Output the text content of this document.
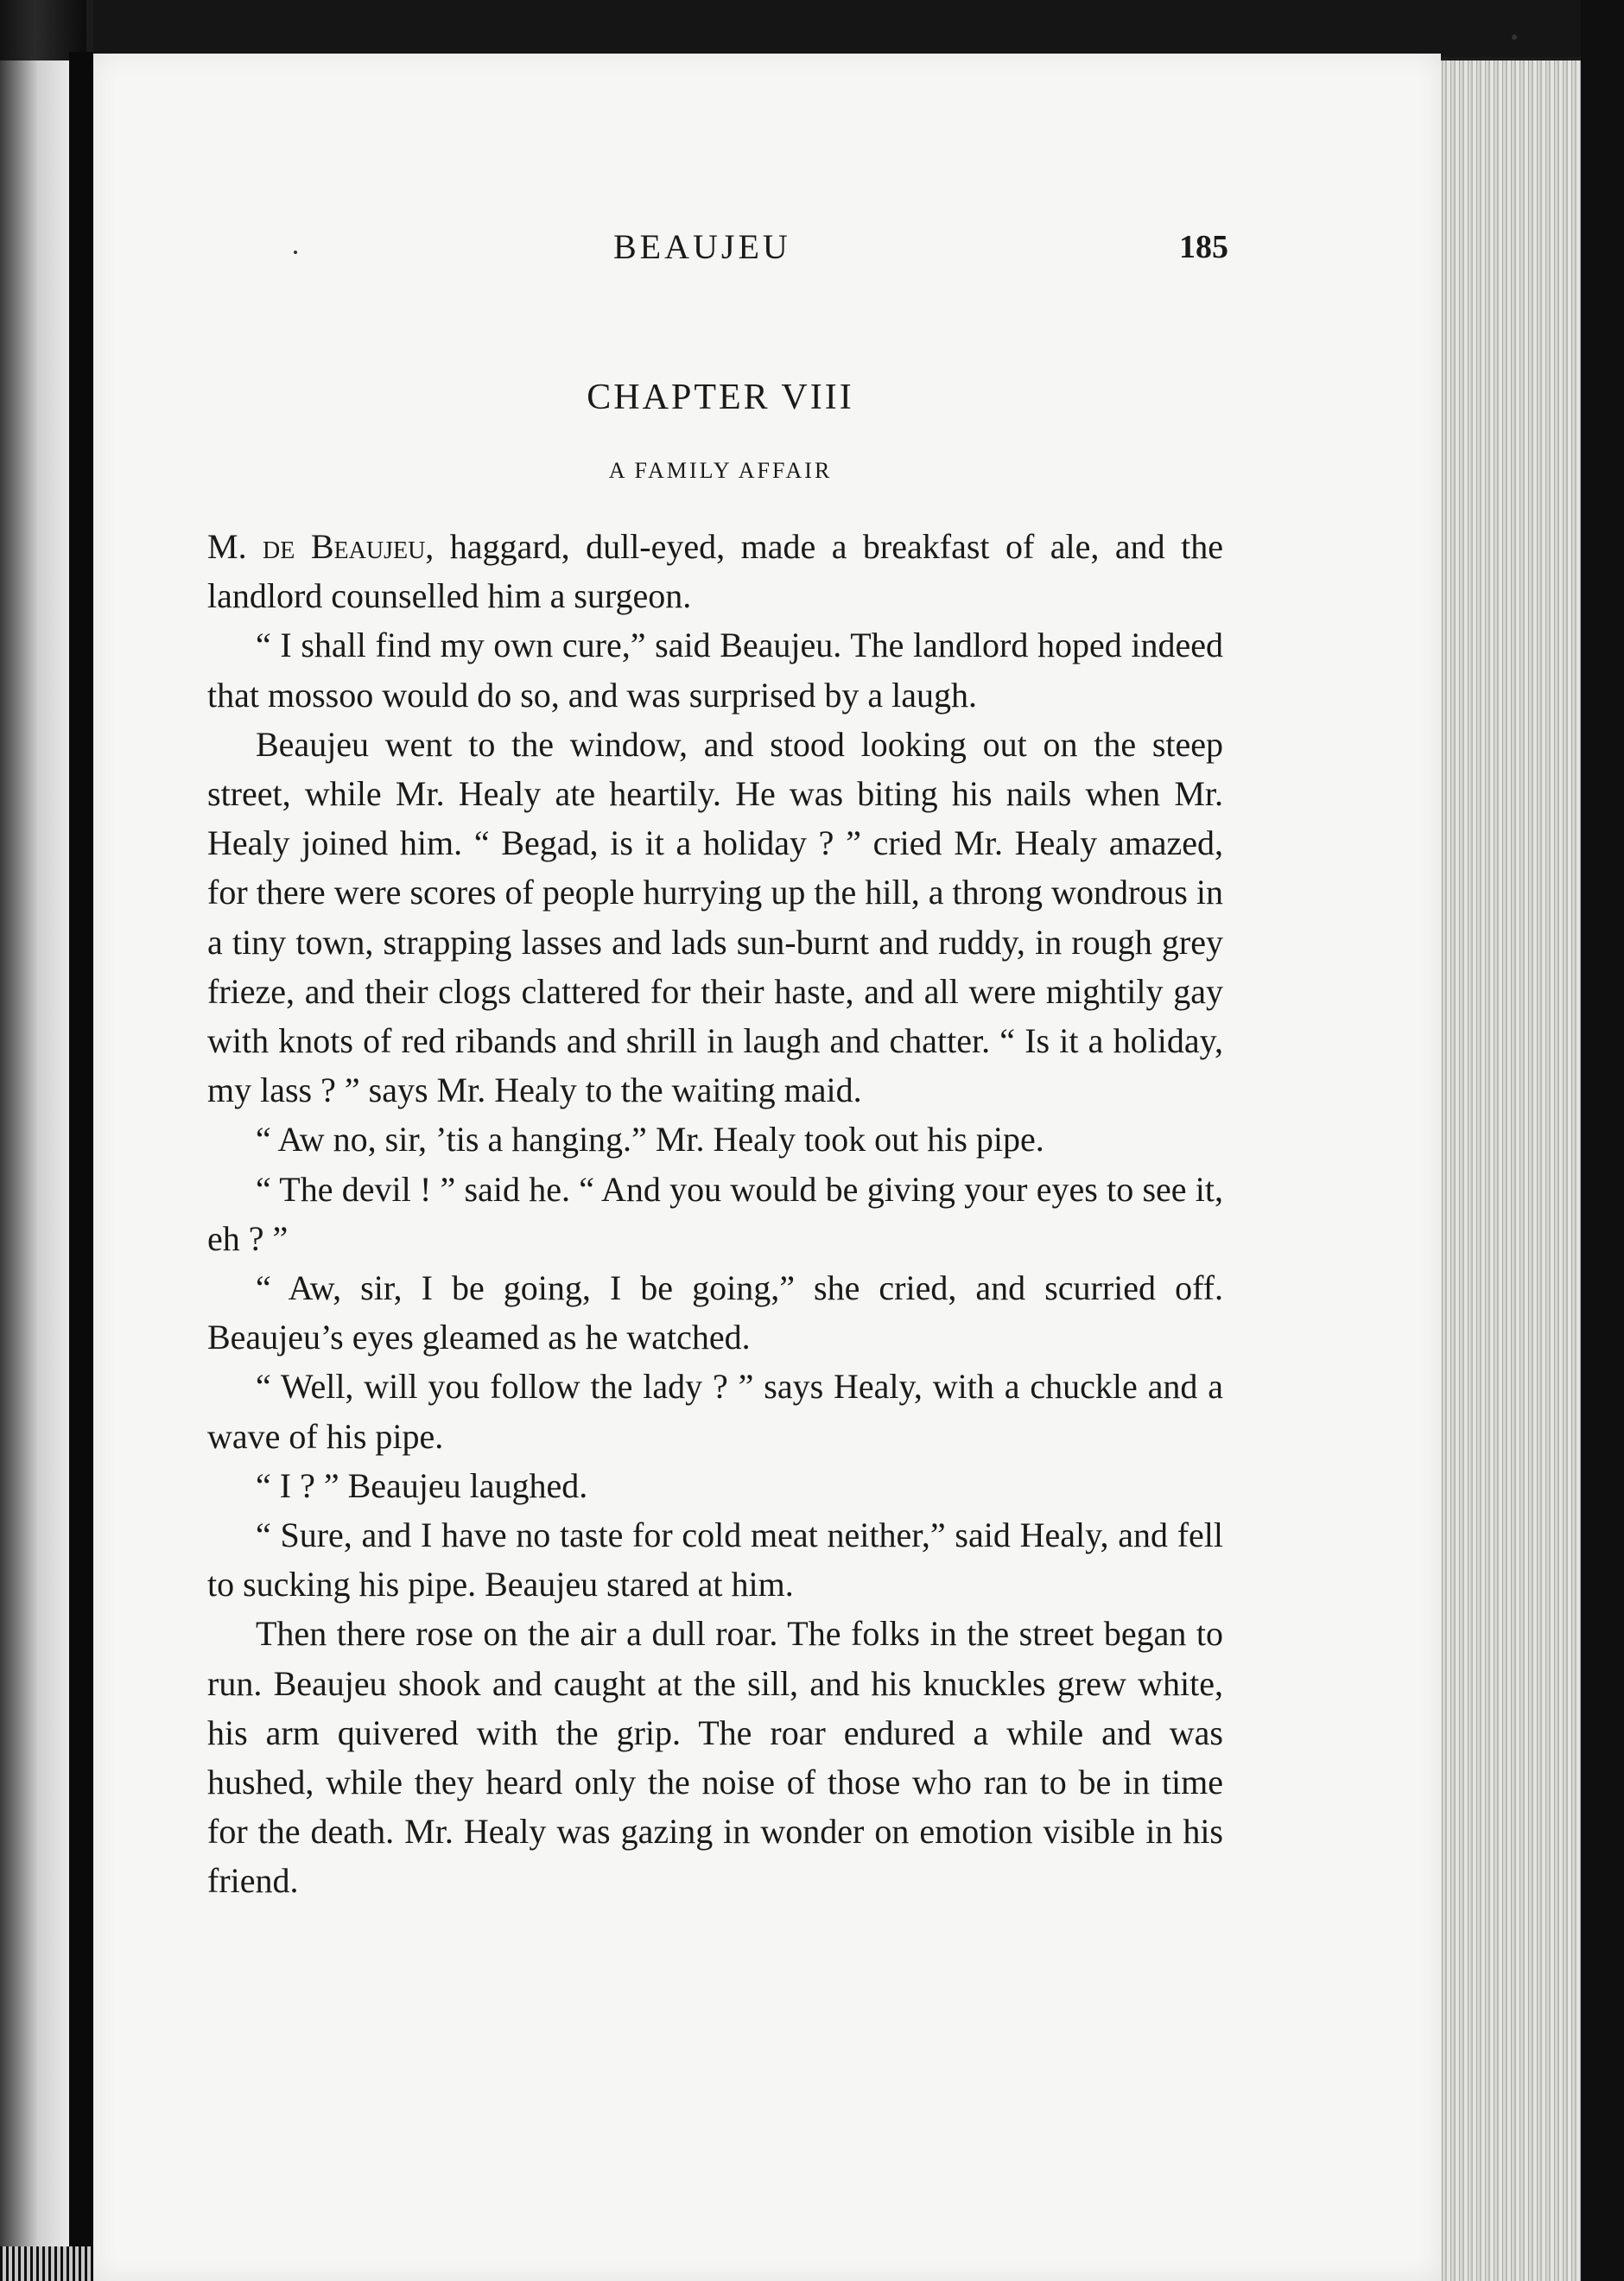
BEAUJEU	185
CHAPTER VIII
A FAMILY AFFAIR

M. de Beaujeu, haggard, dull-eyed, made a breakfast of ale, and the landlord counselled him a surgeon.

“ I shall find my own cure,” said Beaujeu. The landlord hoped indeed that mossoo would do so, and was surprised by a laugh.

Beaujeu went to the window, and stood looking out on the steep street, while Mr. Healy ate heartily. He was biting his nails when Mr. Healy joined him. “ Begad, is it a holiday ? ” cried Mr. Healy amazed, for there were scores of people hurrying up the hill, a throng wondrous in a tiny town, strapping lasses and lads sun-burnt and ruddy, in rough grey frieze, and their clogs clattered for their haste, and all were mightily gay with knots of red ribands and shrill in laugh and chatter. “ Is it a holiday, my lass ? ” says Mr. Healy to the waiting maid.

“ Aw no, sir, ’tis a hanging.” Mr. Healy took out his pipe.

“ The devil ! ” said he. “ And you would be giving your eyes to see it, eh ? ”

“ Aw, sir, I be going, I be going,” she cried, and scurried off. Beaujeu’s eyes gleamed as he watched.

“ Well, will you follow the lady ? ” says Healy, with a chuckle and a wave of his pipe.

“ I ? ” Beaujeu laughed.

“ Sure, and I have no taste for cold meat neither,” said Healy, and fell to sucking his pipe. Beaujeu stared at him.

Then there rose on the air a dull roar. The folks in the street began to run. Beaujeu shook and caught at the sill, and his knuckles grew white, his arm quivered with the grip. The roar endured a while and was hushed, while they heard only the noise of those who ran to be in time for the death. Mr. Healy was gazing in wonder on emotion visible in his friend.
